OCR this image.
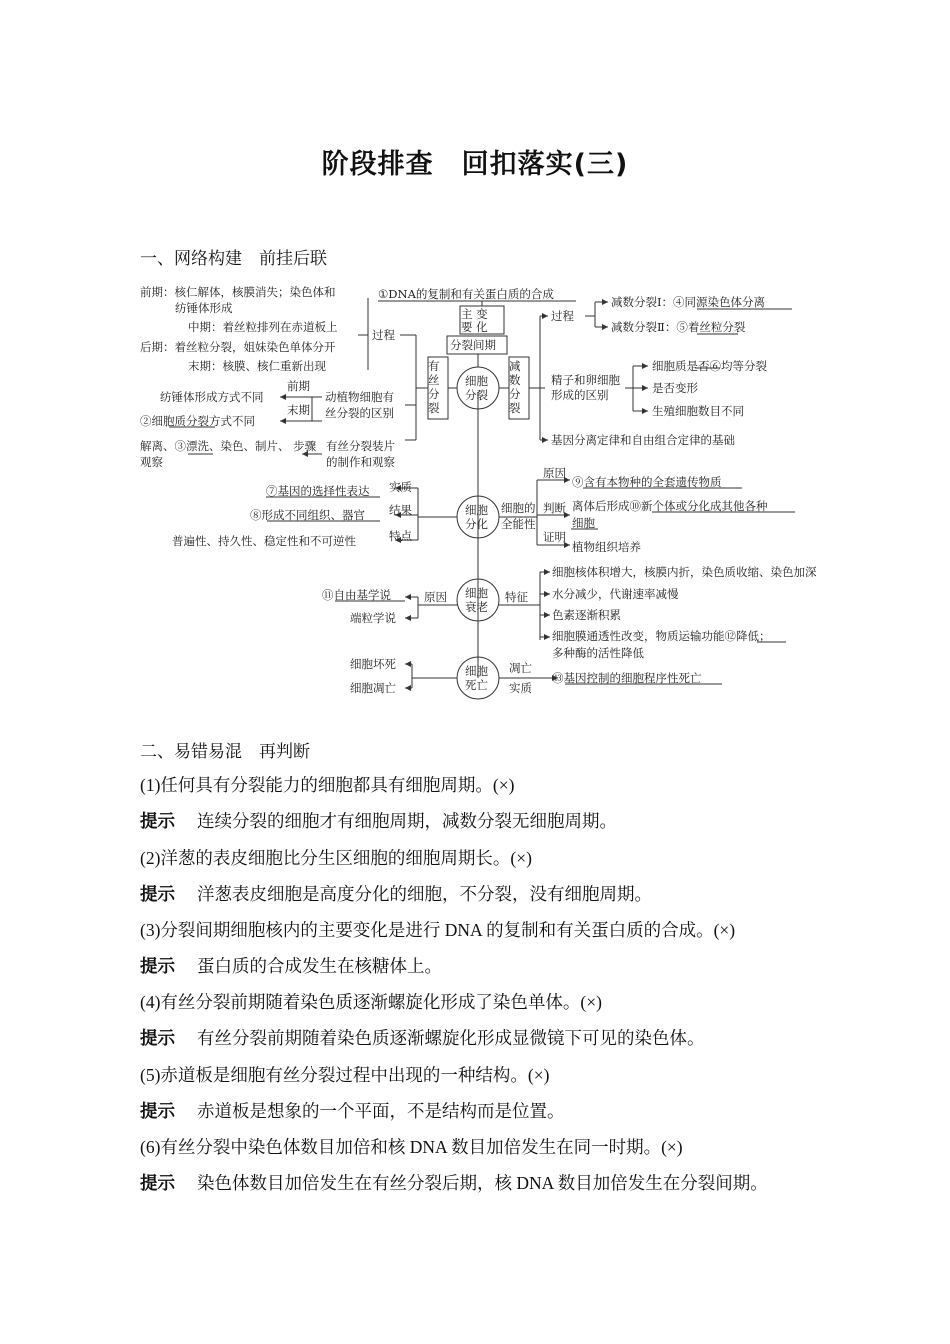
阶段排查　回扣落实(三)
一、网络构建　前挂后联
有
丝
分
裂
减
数
分
裂
分裂间期
主 变
要 化
①DNA的复制和有关蛋白质的合成
细胞
分裂
过程
前期：核仁解体，核膜消失；染色体和
纺锤体形成
中期：着丝粒排列在赤道板上
后期：着丝粒分裂，姐妹染色单体分开
末期：核膜、核仁重新出现
动植物细胞有
丝分裂的区别
前期
末期
纺锤体形成方式不同
②细胞质分裂方式不同
有丝分裂装片
的制作和观察
解离、③漂洗、染色、制片、 步骤
观察
过程
减数分裂Ⅰ：④同源染色体分离
减数分裂Ⅱ：⑤着丝粒分裂
精子和卵细胞
形成的区别
细胞质是否⑥均等分裂
是否变形
生殖细胞数目不同
基因分离定律和自由组合定律的基础
细胞
分化
实质
结果
特点
⑦基因的选择性表达
⑧形成不同组织、器官
普遍性、持久性、稳定性和不可逆性
细胞的
全能性
原因
判断
证明
⑨含有本物种的全套遗传物质
离体后形成⑩新个体或分化成其他各种
细胞
植物组织培养
细胞
衰老
原因	特征
⑪自由基学说
端粒学说
细胞核体积增大，核膜内折，染色质收缩、染色加深
水分减少，代谢速率减慢
色素逐渐积累
细胞膜通透性改变，物质运输功能⑫降低；
多种酶的活性降低
细胞
死亡
细胞坏死
细胞凋亡
凋亡
实质
⑬基因控制的细胞程序性死亡
二、易错易混　再判断
(1)任何具有分裂能力的细胞都具有细胞周期。(×)
提示 连续分裂的细胞才有细胞周期，减数分裂无细胞周期。
(2)洋葱的表皮细胞比分生区细胞的细胞周期长。(×)
提示 洋葱表皮细胞是高度分化的细胞，不分裂，没有细胞周期。
(3)分裂间期细胞核内的主要变化是进行 DNA 的复制和有关蛋白质的合成。(×)
提示 蛋白质的合成发生在核糖体上。
(4)有丝分裂前期随着染色质逐渐螺旋化形成了染色单体。(×)
提示 有丝分裂前期随着染色质逐渐螺旋化形成显微镜下可见的染色体。
(5)赤道板是细胞有丝分裂过程中出现的一种结构。(×)
提示 赤道板是想象的一个平面，不是结构而是位置。
(6)有丝分裂中染色体数目加倍和核 DNA 数目加倍发生在同一时期。(×)
提示 染色体数目加倍发生在有丝分裂后期，核 DNA 数目加倍发生在分裂间期。
